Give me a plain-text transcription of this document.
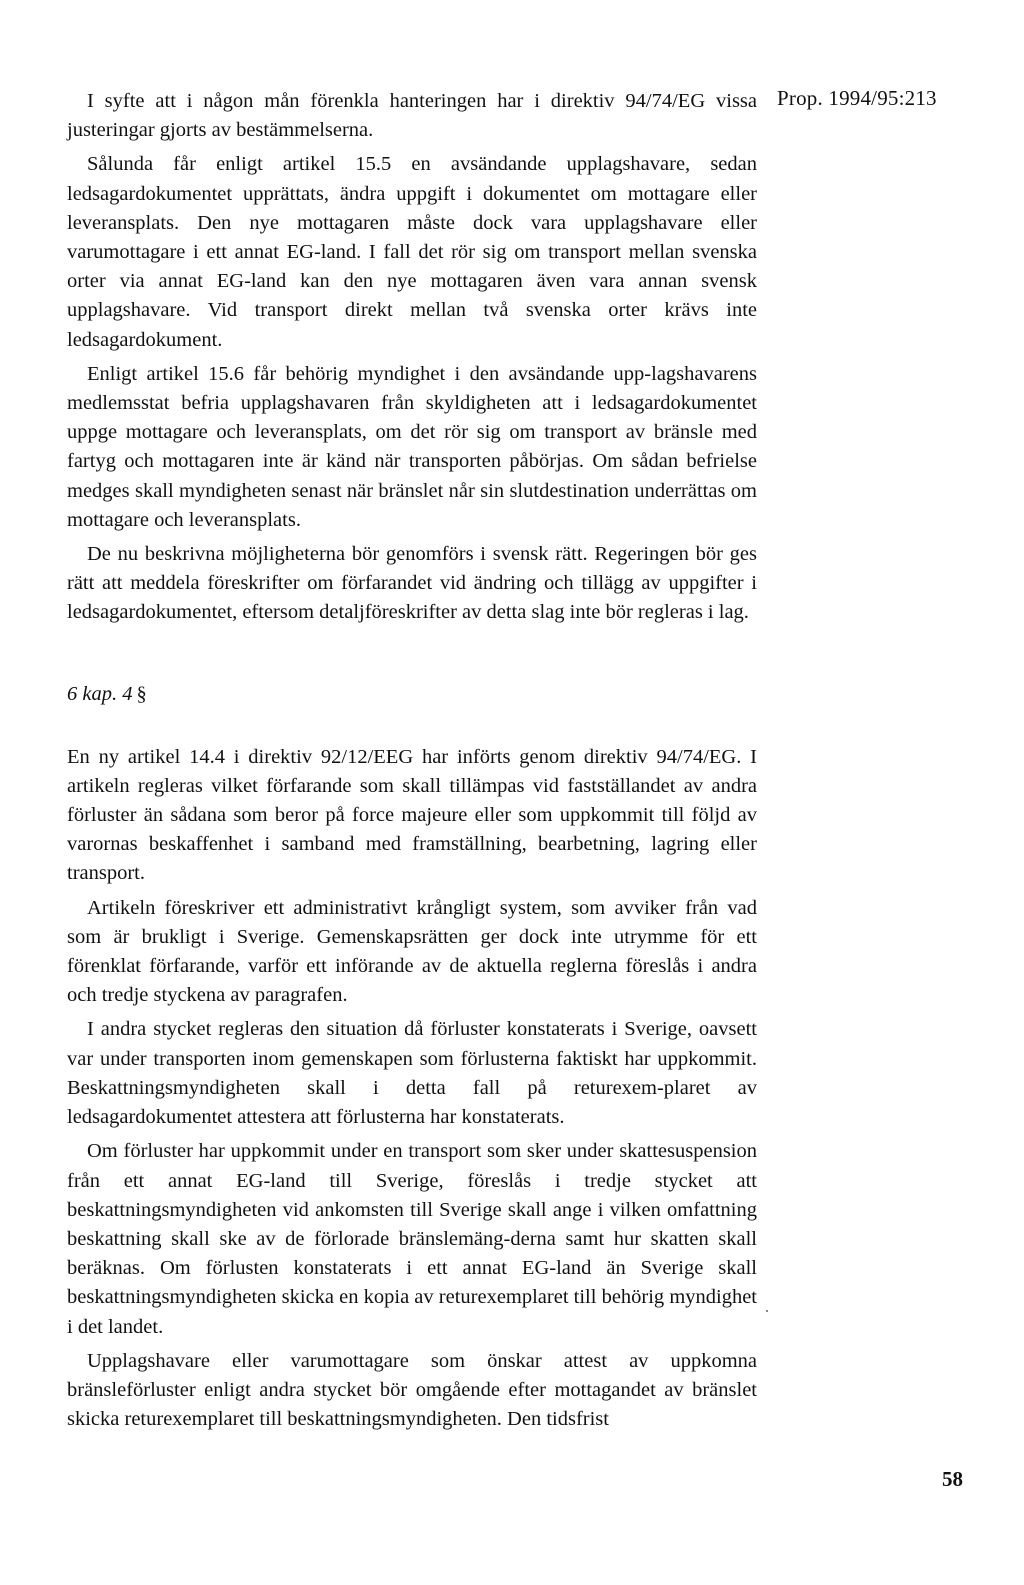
Prop. 1994/95:213

I syfte att i någon mån förenkla hanteringen har i direktiv 94/74/EG vissa justeringar gjorts av bestämmelserna.

Sålunda får enligt artikel 15.5 en avsändande upplagshavare, sedan ledsagardokumentet upprättats, ändra uppgift i dokumentet om mottagare eller leveransplats. Den nye mottagaren måste dock vara upplagshavare eller varumottagare i ett annat EG-land. I fall det rör sig om transport mellan svenska orter via annat EG-land kan den nye mottagaren även vara annan svensk upplagshavare. Vid transport direkt mellan två svenska orter krävs inte ledsagardokument.

Enligt artikel 15.6 får behörig myndighet i den avsändande upp-lagshavarens medlemsstat befria upplagshavaren från skyldigheten att i ledsagardokumentet uppge mottagare och leveransplats, om det rör sig om transport av bränsle med fartyg och mottagaren inte är känd när transporten påbörjas. Om sådan befrielse medges skall myndigheten senast när bränslet når sin slutdestination underrättas om mottagare och leveransplats.

De nu beskrivna möjligheterna bör genomförs i svensk rätt. Regeringen bör ges rätt att meddela föreskrifter om förfarandet vid ändring och tillägg av uppgifter i ledsagardokumentet, eftersom detaljföreskrifter av detta slag inte bör regleras i lag.

6 kap. 4 §

En ny artikel 14.4 i direktiv 92/12/EEG har införts genom direktiv 94/74/EG. I artikeln regleras vilket förfarande som skall tillämpas vid fastställandet av andra förluster än sådana som beror på force majeure eller som uppkommit till följd av varornas beskaffenhet i samband med framställning, bearbetning, lagring eller transport.

Artikeln föreskriver ett administrativt krångligt system, som avviker från vad som är brukligt i Sverige. Gemenskapsrätten ger dock inte utrymme för ett förenklat förfarande, varför ett införande av de aktuella reglerna föreslås i andra och tredje styckena av paragrafen.

I andra stycket regleras den situation då förluster konstaterats i Sverige, oavsett var under transporten inom gemenskapen som förlusterna faktiskt har uppkommit. Beskattningsmyndigheten skall i detta fall på returexem-plaret av ledsagardokumentet attestera att förlusterna har konstaterats.

Om förluster har uppkommit under en transport som sker under skattesuspension från ett annat EG-land till Sverige, föreslås i tredje stycket att beskattningsmyndigheten vid ankomsten till Sverige skall ange i vilken omfattning beskattning skall ske av de förlorade bränslemäng-derna samt hur skatten skall beräknas. Om förlusten konstaterats i ett annat EG-land än Sverige skall beskattningsmyndigheten skicka en kopia av returexemplaret till behörig myndighet i det landet.

Upplagshavare eller varumottagare som önskar attest av uppkomna bränsleförluster enligt andra stycket bör omgående efter mottagandet av bränslet skicka returexemplaret till beskattningsmyndigheten. Den tidsfrist

58
